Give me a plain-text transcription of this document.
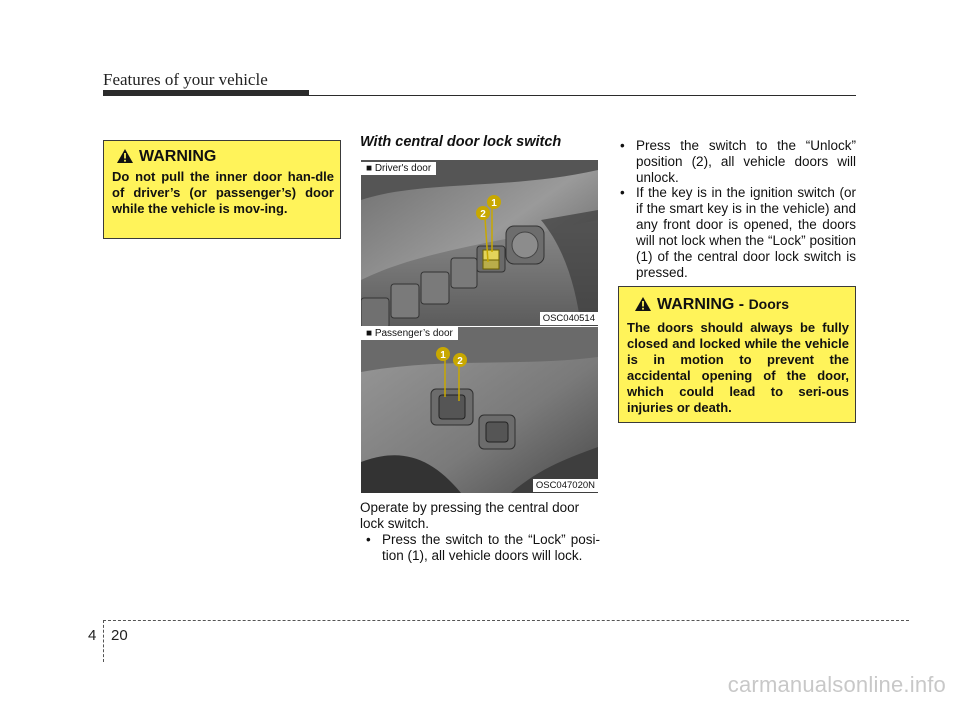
Features of your vehicle
WARNING
Do not pull the inner door han-dle of driver’s (or passenger’s) door while the vehicle is mov-ing.
With central door lock switch
1
2
■ Driver's door
OSC040514
1
2
■ Passenger’s door
OSC047020N
Operate by pressing the central door lock switch.
• Press the switch to the “Lock” posi-tion (1), all vehicle doors will lock.
• Press the switch to the “Unlock” position (2), all vehicle doors will unlock.
• If the key is in the ignition switch (or if the smart key is in the vehicle) and any front door is opened, the doors will not lock when the “Lock” position (1) of the central door lock switch is pressed.
WARNING - Doors
The doors should always be fully closed and locked while the vehicle is in motion to prevent the accidental opening of the door, which could lead to seri-ous injuries or death.
4 20
carmanualsonline.info
